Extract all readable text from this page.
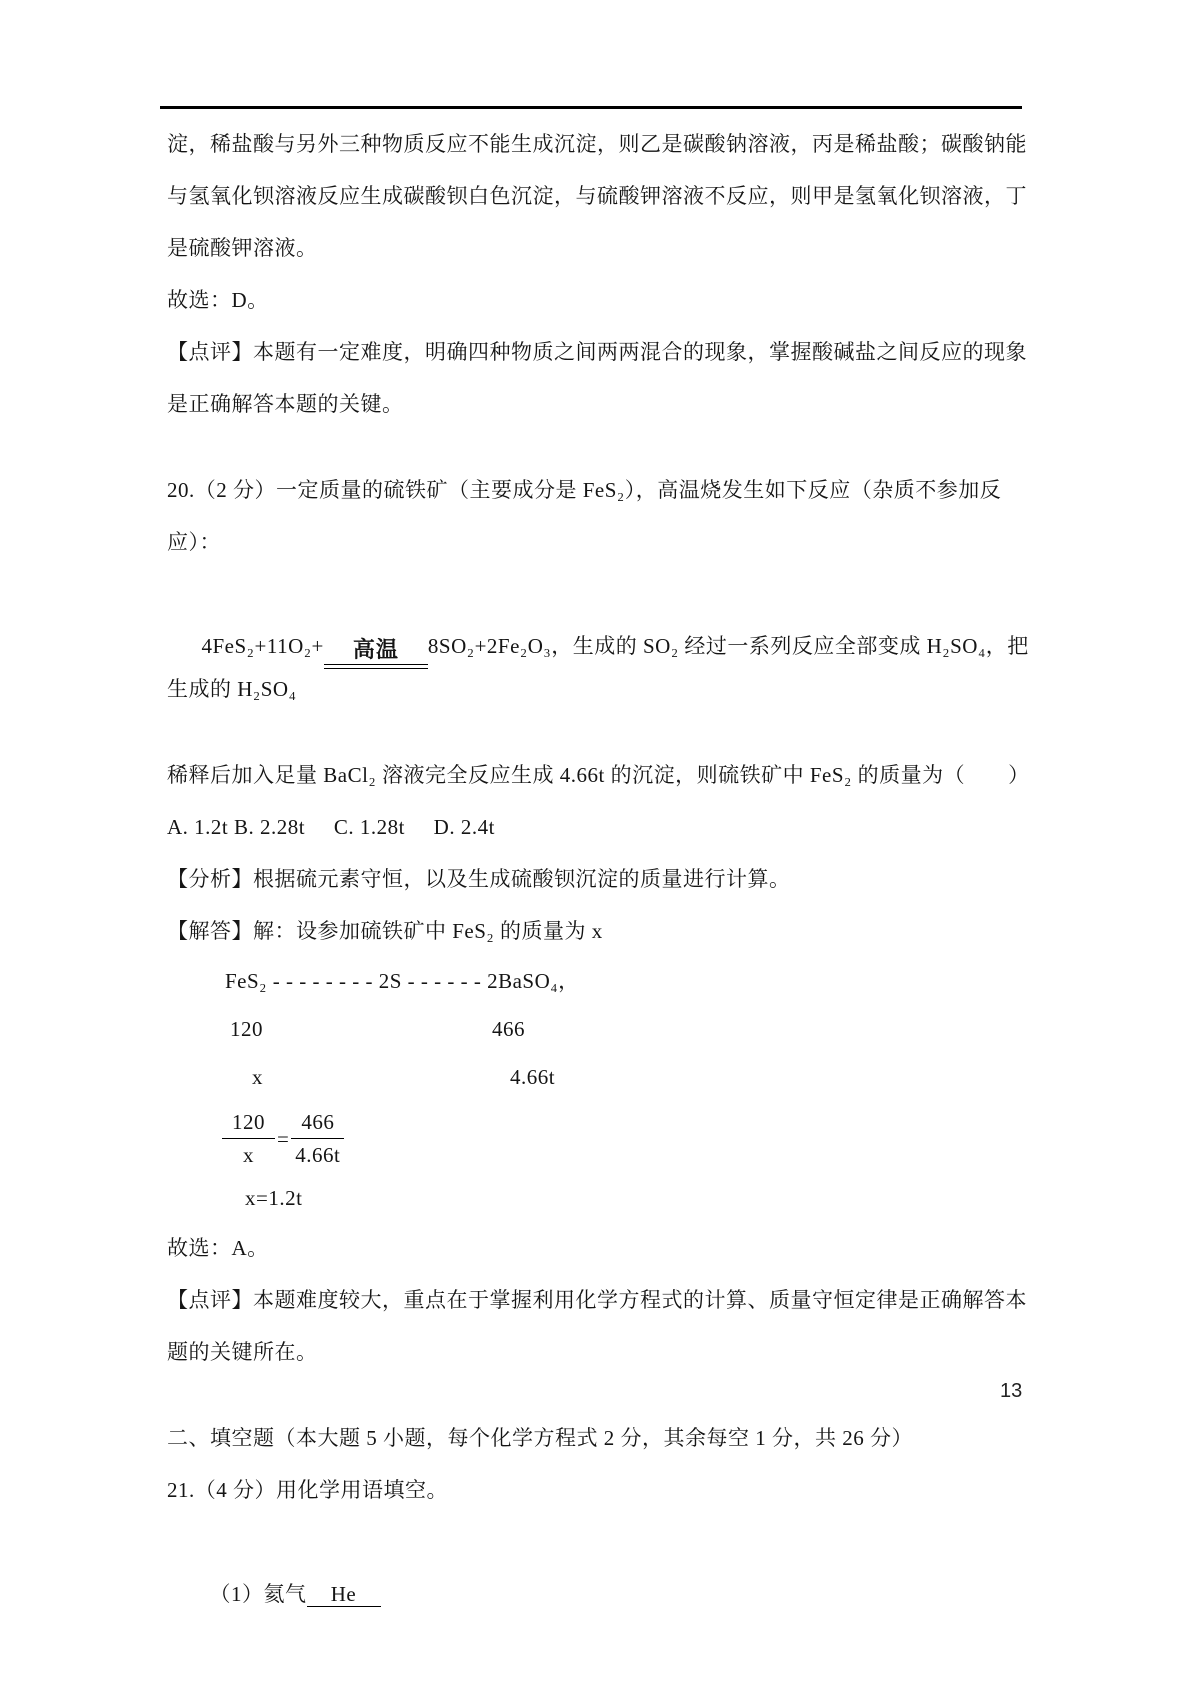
淀，稀盐酸与另外三种物质反应不能生成沉淀，则乙是碳酸钠溶液，丙是稀盐酸；碳酸钠能
与氢氧化钡溶液反应生成碳酸钡白色沉淀，与硫酸钾溶液不反应，则甲是氢氧化钡溶液，丁
是硫酸钾溶液。
故选：D。
【点评】本题有一定难度，明确四种物质之间两两混合的现象，掌握酸碱盐之间反应的现象
是正确解答本题的关键。
20.（2 分）一定质量的硫铁矿（主要成分是 FeS₂），高温烧发生如下反应（杂质不参加反应）：

4FeS₂+11O₂+	高温	8SO₂+2Fe₂O₃，生成的 SO₂ 经过一系列反应全部变成 H₂SO₄，把生成的 H₂SO₄

稀释后加入足量 BaCl₂ 溶液完全反应生成 4.66t 的沉淀，则硫铁矿中 FeS₂ 的质量为（　　）
A. 1.2t B. 2.28t     C. 1.28t     D. 2.4t
【分析】根据硫元素守恒，以及生成硫酸钡沉淀的质量进行计算。
【解答】解：设参加硫铁矿中 FeS₂ 的质量为 x
FeS₂ - - - - - - - - 2S - - - - - - 2BaSO₄，
120	466
x	4.66t
$\frac{120}{x} = \frac{466}{4.66t}$
x=1.2t
故选：A。
【点评】本题难度较大，重点在于掌握利用化学方程式的计算、质量守恒定律是正确解答本
题的关键所在。
二、填空题（本大题 5 小题，每个化学方程式 2 分，其余每空 1 分，共 26 分）
21.（4 分）用化学用语填空。

（1）氦气 He

13
